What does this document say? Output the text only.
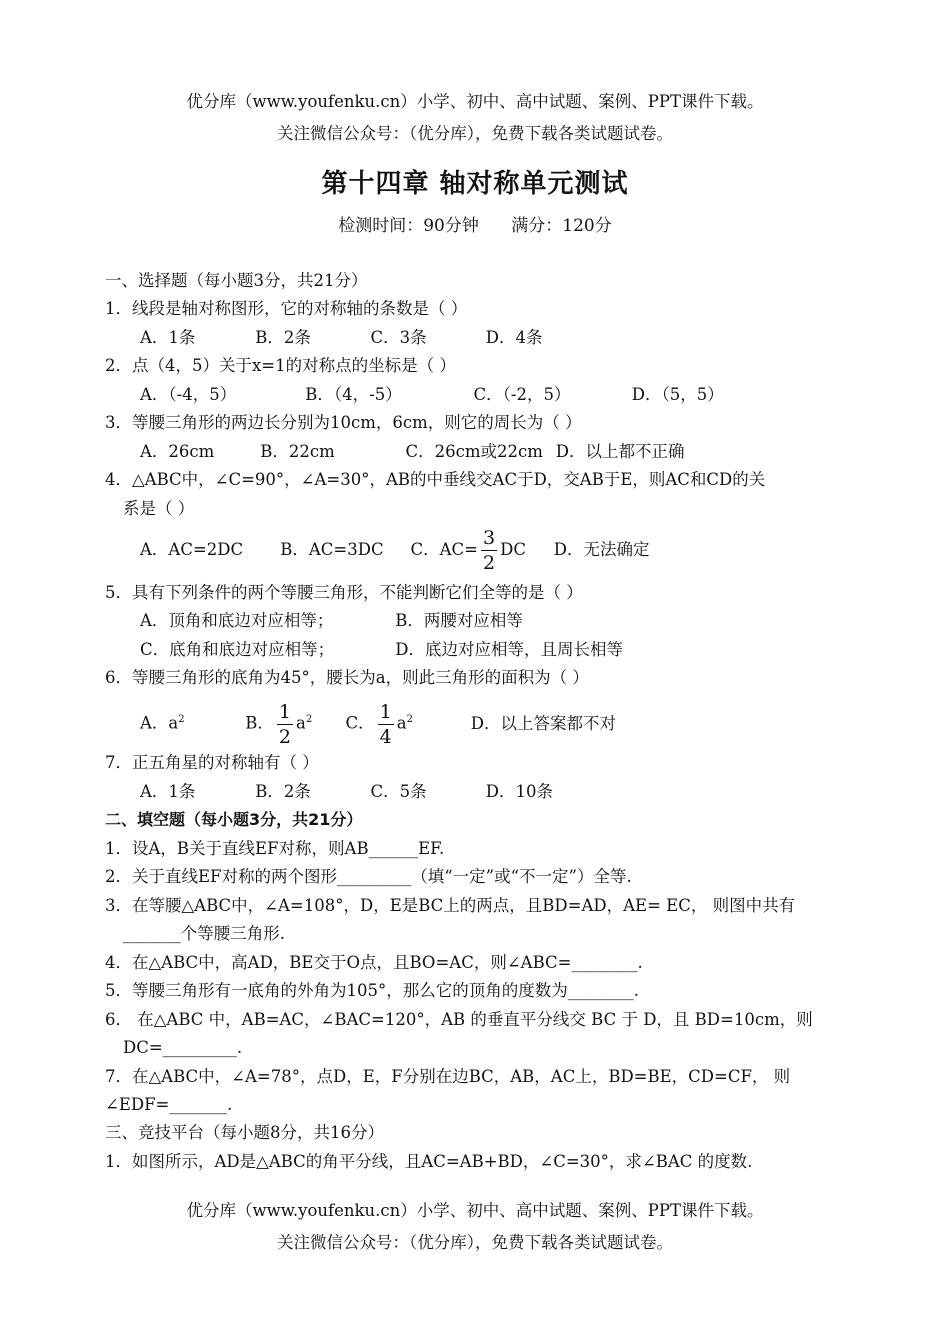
优分库（www.youfenku.cn）小学、初中、高中试题、案例、PPT课件下载。
关注微信公众号：（优分库），免费下载各类试题试卷。
第十四章 轴对称单元测试
检测时间：90分钟      满分：120分
一、选择题（每小题3分，共21分）
1．线段是轴对称图形，它的对称轴的条数是（ ）
A．1条	B．2条	C．3条	D．4条
2．点（4，5）关于x=1的对称点的坐标是（ ）
A．（-4，5）	B．（4，-5）	C．（-2，5）	D．（5，5）
3．等腰三角形的两边长分别为10cm，6cm，则它的周长为（ ）
A．26cm	B．22cm	C．26cm或22cm D．以上都不正确
4．△ABC中，∠C=90°，∠A=30°，AB的中垂线交AC于D，交AB于E，则AC和CD的关
系是（ ）
A．AC=2DC B．AC=3DC C．$AC= \frac{3}{2}$ DC D．无法确定
5．具有下列条件的两个等腰三角形，不能判断它们全等的是（ ）
A．顶角和底边对应相等；	B．两腰对应相等
C．底角和底边对应相等；	D．底边对应相等，且周长相等
6．等腰三角形的底角为45°，腰长为a，则此三角形的面积为（ ）
A．$a^2$	B． $\frac{1}{2} a^2$ C． $\frac{1}{4} a^2$	D．以上答案都不对
7．正五角星的对称轴有（ ）
A．1条	B．2条	C．5条	D．10条
二、填空题（每小题3分，共21分）
1．设A，B关于直线EF对称，则AB______EF.
2．关于直线EF对称的两个图形_________（填“一定”或“不一定”）全等.
3．在等腰△ABC中，∠A=108°，D，E是BC上的两点，且BD=AD，AE= EC， 则图中共有
_______个等腰三角形.
4．在△ABC中，高AD，BE交于O点，且BO=AC，则∠ABC=________.
5．等腰三角形有一底角的外角为105°，那么它的顶角的度数为________.
6． 在△ABC 中，AB=AC，∠BAC=120°，AB 的垂直平分线交 BC 于 D，且 BD=10cm，则
DC=_________.
7．在△ABC中，∠A=78°，点D，E，F分别在边BC，AB，AC上，BD=BE，CD=CF， 则
∠EDF=_______.
三、竞技平台（每小题8分，共16分）
1．如图所示，AD是△ABC的角平分线，且AC=AB+BD，∠C=30°，求∠BAC 的度数.
优分库（www.youfenku.cn）小学、初中、高中试题、案例、PPT课件下载。
关注微信公众号：（优分库），免费下载各类试题试卷。
